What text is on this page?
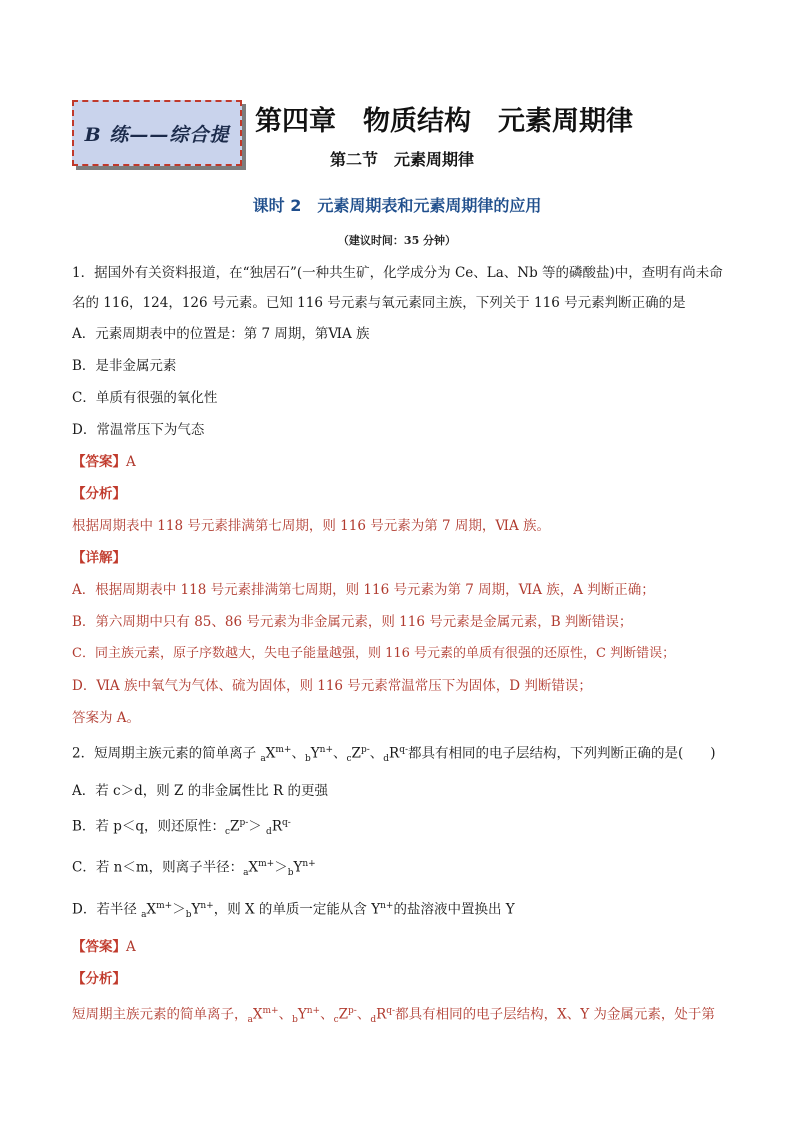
B 练——综合提 第四章　物质结构　元素周期律
第二节　元素周期律
课时 2　元素周期表和元素周期律的应用
（建议时间：35 分钟）
1．据国外有关资料报道，在“独居石”(一种共生矿，化学成分为 Ce、La、Nb 等的磷酸盐)中，查明有尚未命名的 116，124，126 号元素。已知 116 号元素与氧元素同主族，下列关于 116 号元素判断正确的是
A．元素周期表中的位置是：第 7 周期，第ⅥA 族
B．是非金属元素
C．单质有很强的氧化性
D．常温常压下为气态
【答案】A
【分析】
根据周期表中 118 号元素排满第七周期，则 116 号元素为第 7 周期，ⅥA 族。
【详解】
A．根据周期表中 118 号元素排满第七周期，则 116 号元素为第 7 周期，ⅥA 族，A 判断正确；
B．第六周期中只有 85、86 号元素为非金属元素，则 116 号元素是金属元素，B 判断错误；
C．同主族元素，原子序数越大，失电子能量越强，则 116 号元素的单质有很强的还原性，C 判断错误；
D．ⅥA 族中氧气为气体、硫为固体，则 116 号元素常温常压下为固体，D 判断错误；
答案为 A。
2．短周期主族元素的简单离子 $_aX^{m+}$、$_bY^{n+}$、$_cZ^{p-}$、$_dR^{q-}$都具有相同的电子层结构，下列判断正确的是(　　)
A．若 c＞d，则 Z 的非金属性比 R 的更强
B．若 p＜q，则还原性：$_cZ^{p-}> _dR^{q-}$
C．若 n＜m，则离子半径：$_aX^{m+}>_bY^{n+}$
D．若半径 $_aX^{m+}>_bY^{n+}$，则 X 的单质一定能从含 $Y^{n+}$的盐溶液中置换出 Y
【答案】A
【分析】
短周期主族元素的简单离子，$_aX^{m+}$、$_bY^{n+}$、$_cZ^{p-}$、$_dR^{q-}$都具有相同的电子层结构，X、Y 为金属元素，处于第
